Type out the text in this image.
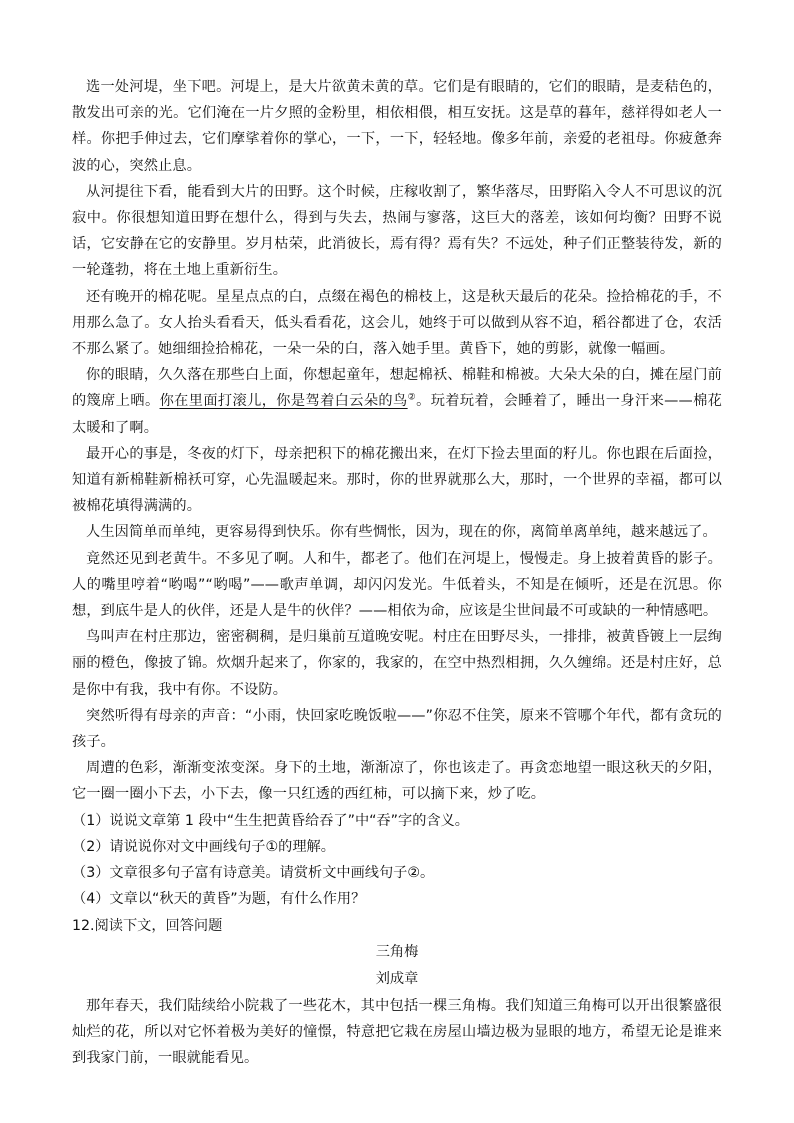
选一处河堤，坐下吧。河堤上，是大片欲黄未黄的草。它们是有眼睛的，它们的眼睛，是麦秸色的，散发出可亲的光。它们淹在一片夕照的金粉里，相依相偎，相互安抚。这是草的暮年，慈祥得如老人一样。你把手伸过去，它们摩挲着你的掌心，一下，一下，轻轻地。像多年前，亲爱的老祖母。你疲惫奔波的心，突然止息。

从河提往下看，能看到大片的田野。这个时候，庄稼收割了，繁华落尽，田野陷入令人不可思议的沉寂中。你很想知道田野在想什么，得到与失去，热闹与寥落，这巨大的落差，该如何均衡？田野不说话，它安静在它的安静里。岁月枯荣，此消彼长，焉有得？焉有失？不远处，种子们正整装待发，新的一轮蓬勃，将在土地上重新衍生。

还有晚开的棉花呢。星星点点的白，点缀在褐色的棉枝上，这是秋天最后的花朵。捡拾棉花的手，不用那么急了。女人抬头看看天，低头看看花，这会儿，她终于可以做到从容不迫，稻谷都进了仓，农活不那么紧了。她细细捡拾棉花，一朵一朵的白，落入她手里。黄昏下，她的剪影，就像一幅画。

你的眼睛，久久落在那些白上面，你想起童年，想起棉袄、棉鞋和棉被。大朵大朵的白，摊在屋门前的篾席上晒。你在里面打滚儿，你是驾着白云朵的鸟②。玩着玩着，会睡着了，睡出一身汗来——棉花太暖和了啊。

最开心的事是，冬夜的灯下，母亲把积下的棉花搬出来，在灯下捡去里面的籽儿。你也跟在后面捡，知道有新棉鞋新棉袄可穿，心先温暖起来。那时，你的世界就那么大，那时，一个世界的幸福，都可以被棉花填得满满的。

人生因简单而单纯，更容易得到快乐。你有些惆怅，因为，现在的你，离简单离单纯，越来越远了。

竟然还见到老黄牛。不多见了啊。人和牛，都老了。他们在河堤上，慢慢走。身上披着黄昏的影子。人的嘴里哼着“哟喝”“哟喝”——歌声单调，却闪闪发光。牛低着头，不知是在倾听，还是在沉思。你想，到底牛是人的伙伴，还是人是牛的伙伴？——相依为命，应该是尘世间最不可或缺的一种情感吧。

鸟叫声在村庄那边，密密稠稠，是归巢前互道晚安呢。村庄在田野尽头，一排排，被黄昏镀上一层绚丽的橙色，像披了锦。炊烟升起来了，你家的，我家的，在空中热烈相拥，久久缠绵。还是村庄好，总是你中有我，我中有你。不设防。

突然听得有母亲的声音：“小雨，快回家吃晚饭啦——”你忍不住笑，原来不管哪个年代，都有贪玩的孩子。

周遭的色彩，渐渐变浓变深。身下的土地，渐渐凉了，你也该走了。再贪恋地望一眼这秋天的夕阳，它一圈一圈小下去，小下去，像一只红透的西红柿，可以摘下来，炒了吃。

（1）说说文章第 1 段中“生生把黄昏给吞了”中“吞”字的含义。

（2）请说说你对文中画线句子①的理解。

（3）文章很多句子富有诗意美。请赏析文中画线句子②。

（4）文章以“秋天的黄昏”为题，有什么作用？

12.阅读下文，回答问题

三角梅

刘成章

那年春天，我们陆续给小院栽了一些花木，其中包括一棵三角梅。我们知道三角梅可以开出很繁盛很灿烂的花，所以对它怀着极为美好的憧憬，特意把它栽在房屋山墙边极为显眼的地方，希望无论是谁来到我家门前，一眼就能看见。
